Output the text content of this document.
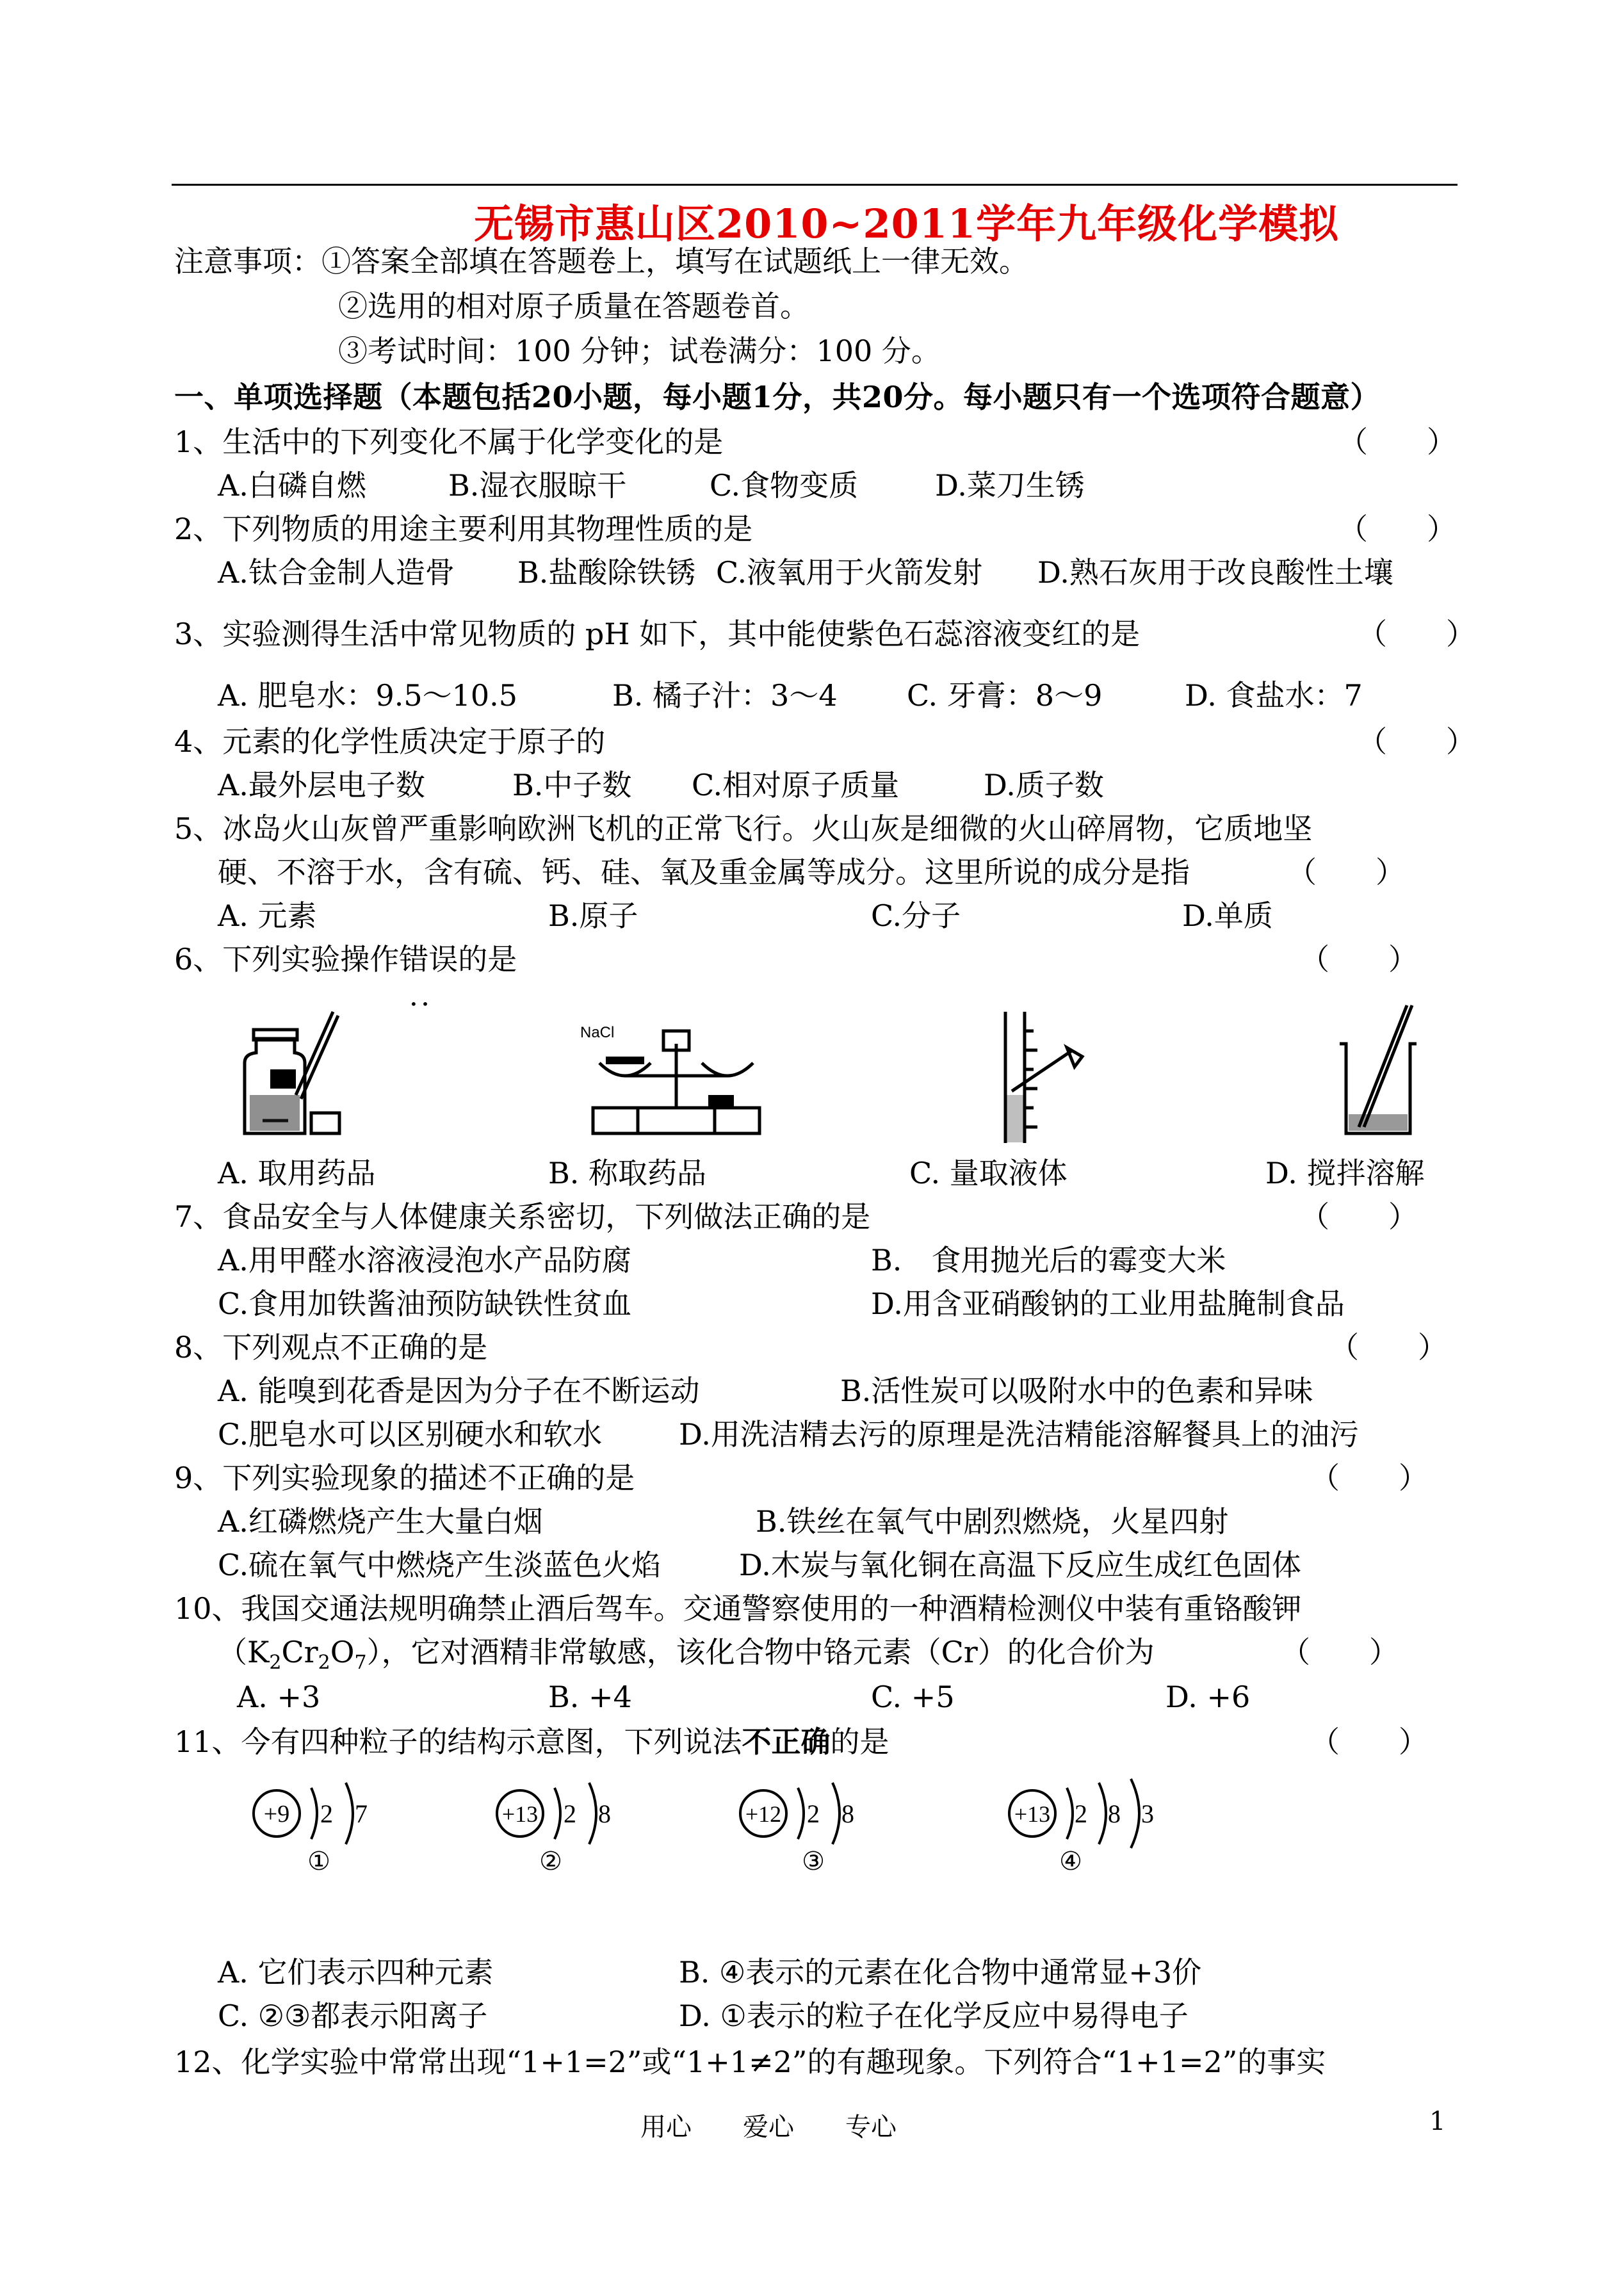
无锡市惠山区2010~2011学年九年级化学模拟
注意事项：①答案全部填在答题卷上，填写在试题纸上一律无效。
②选用的相对原子质量在答题卷首。
③考试时间：100 分钟；试卷满分：100 分。
一、单项选择题（本题包括20小题，每小题1分，共20分。每小题只有一个选项符合题意）
1、生活中的下列变化不属于化学变化的是	（　　）
A.白磷自燃	B.湿衣服晾干	C.食物变质	D.菜刀生锈
2、下列物质的用途主要利用其物理性质的是	（　　）
A.钛合金制人造骨 B.盐酸除铁锈 C.液氧用于火箭发射 D.熟石灰用于改良酸性土壤
3、实验测得生活中常见物质的 pH 如下，其中能使紫色石蕊溶液变红的是	（　　）
A. 肥皂水：9.5～10.5	B. 橘子汁：3～4 C. 牙膏：8～9	D. 食盐水：7
4、元素的化学性质决定于原子的	（　　）
A.最外层电子数	B.中子数 C.相对原子质量	D.质子数
5、冰岛火山灰曾严重影响欧洲飞机的正常飞行。火山灰是细微的火山碎屑物，它质地坚
硬、不溶于水，含有硫、钙、硅、氧及重金属等成分。这里所说的成分是指	（　　）
A. 元素	B.原子	C.分子	D.单质
6、下列实验操作错误的是	（　　）
• •
NaCl
A. 取用药品	B. 称取药品	C. 量取液体	D. 搅拌溶解
7、食品安全与人体健康关系密切，下列做法正确的是	（　　）
A.用甲醛水溶液浸泡水产品防腐	B.　食用抛光后的霉变大米
C.食用加铁酱油预防缺铁性贫血	D.用含亚硝酸钠的工业用盐腌制食品
8、下列观点不正确的是	（　　）
A. 能嗅到花香是因为分子在不断运动	B.活性炭可以吸附水中的色素和异味
C.肥皂水可以区别硬水和软水	D.用洗洁精去污的原理是洗洁精能溶解餐具上的油污
9、下列实验现象的描述不正确的是	（　　）
A.红磷燃烧产生大量白烟	B.铁丝在氧气中剧烈燃烧，火星四射
C.硫在氧气中燃烧产生淡蓝色火焰	D.木炭与氧化铜在高温下反应生成红色固体
10、我国交通法规明确禁止酒后驾车。交通警察使用的一种酒精检测仪中装有重铬酸钾
$(K_2Cr_2O_7)$，它对酒精非常敏感，该化合物中铬元素（Cr）的化合价为	（　　）
A. +3	B. +4	C. +5	D. +6
11、今有四种粒子的结构示意图，下列说法不正确的是	（　　）
+9 2 7
①
+13 2 8
②
+12 2 8
③
+13 2 8 3
④
A. 它们表示四种元素	B. ④表示的元素在化合物中通常显+3价
C. ②③都表示阳离子	D. ①表示的粒子在化学反应中易得电子
12、化学实验中常常出现“1+1=2”或“1+1≠2”的有趣现象。下列符合“1+1=2”的事实
用心　　爱心　　专心	1
